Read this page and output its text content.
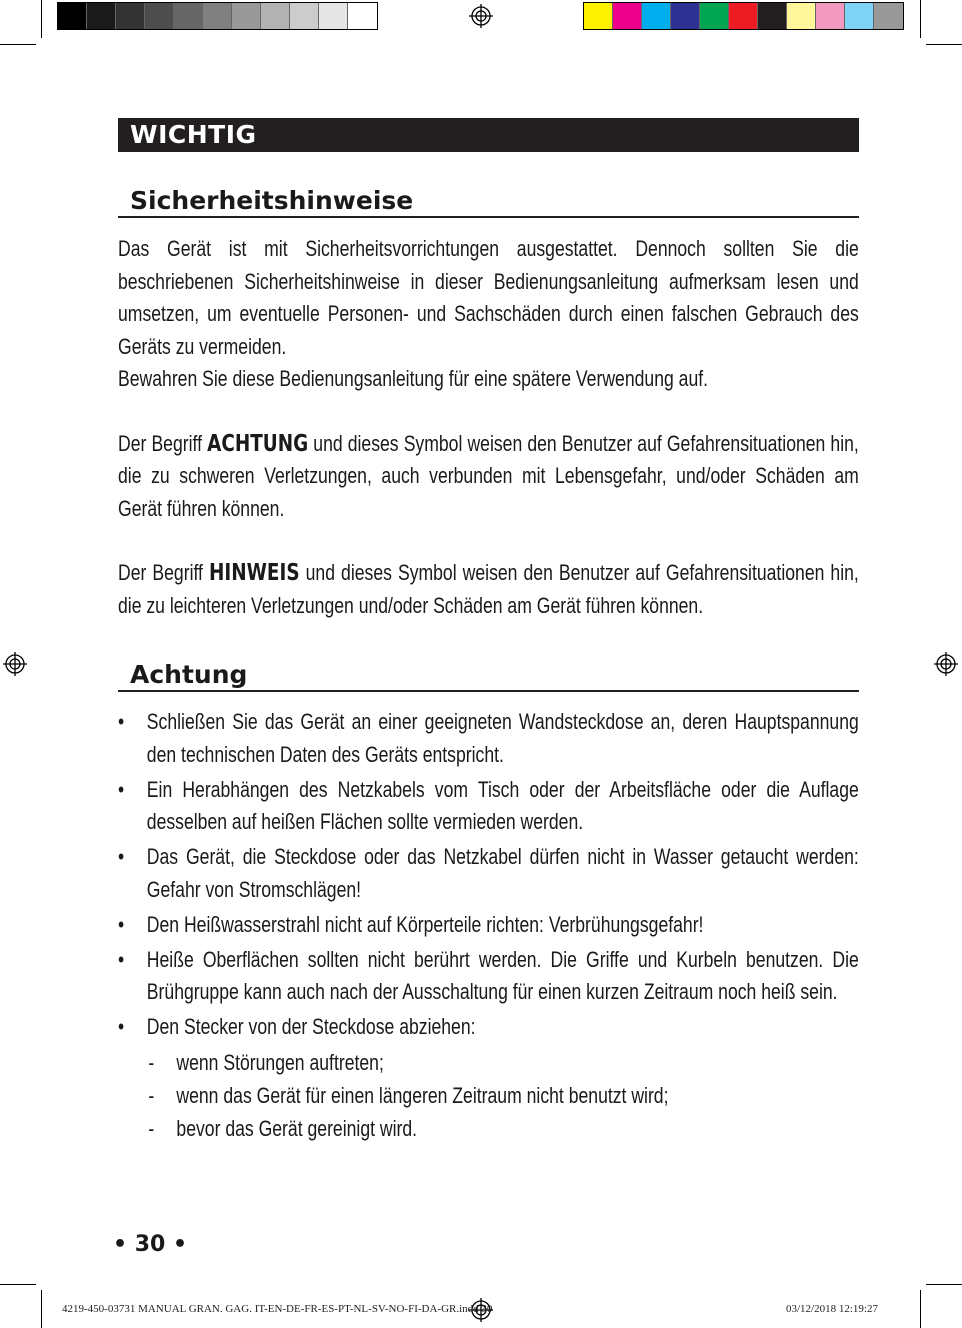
WICHTIG
Sicherheitshinweise

Das Gerät ist mit Sicherheitsvorrichtungen ausgestattet. Dennoch sollten Sie die beschriebenen Sicherheitshinweise in dieser Bedienungsanleitung aufmerksam lesen und umsetzen, um eventuelle Personen- und Sachschäden durch einen falschen Gebrauch des Geräts zu vermeiden.

Bewahren Sie diese Bedienungsanleitung für eine spätere Verwendung auf.

Der Begriff ACHTUNG und dieses Symbol weisen den Benutzer auf Gefahrensituationen hin, die zu schweren Verletzungen, auch verbunden mit Lebensgefahr, und/oder Schäden am Gerät führen können.

Der Begriff HINWEIS und dieses Symbol weisen den Benutzer auf Gefahrensituationen hin, die zu leichteren Verletzungen und/oder Schäden am Gerät führen können.

Achtung
• Schließen Sie das Gerät an einer geeigneten Wandsteckdose an, deren Hauptspannung den technischen Daten des Geräts entspricht.
• Ein Herabhängen des Netzkabels vom Tisch oder der Arbeitsfläche oder die Auflage desselben auf heißen Flächen sollte vermieden werden.
• Das Gerät, die Steckdose oder das Netzkabel dürfen nicht in Wasser getaucht werden: Gefahr von Stromschlägen!
• Den Heißwasserstrahl nicht auf Körperteile richten: Verbrühungsgefahr!
• Heiße Oberflächen sollten nicht berührt werden. Die Griffe und Kurbeln benutzen. Die Brühgruppe kann auch nach der Ausschaltung für einen kurzen Zeitraum noch heiß sein.
• Den Stecker von der Steckdose abziehen:
- wenn Störungen auftreten;
- wenn das Gerät für einen längeren Zeitraum nicht benutzt wird;
- bevor das Gerät gereinigt wird.
• 30 •
4219-450-03731 MANUAL GRAN. GAG. IT-EN-DE-FR-ES-PT-NL-SV-NO-FI-DA-GR.indd 30	03/12/2018 12:19:27
